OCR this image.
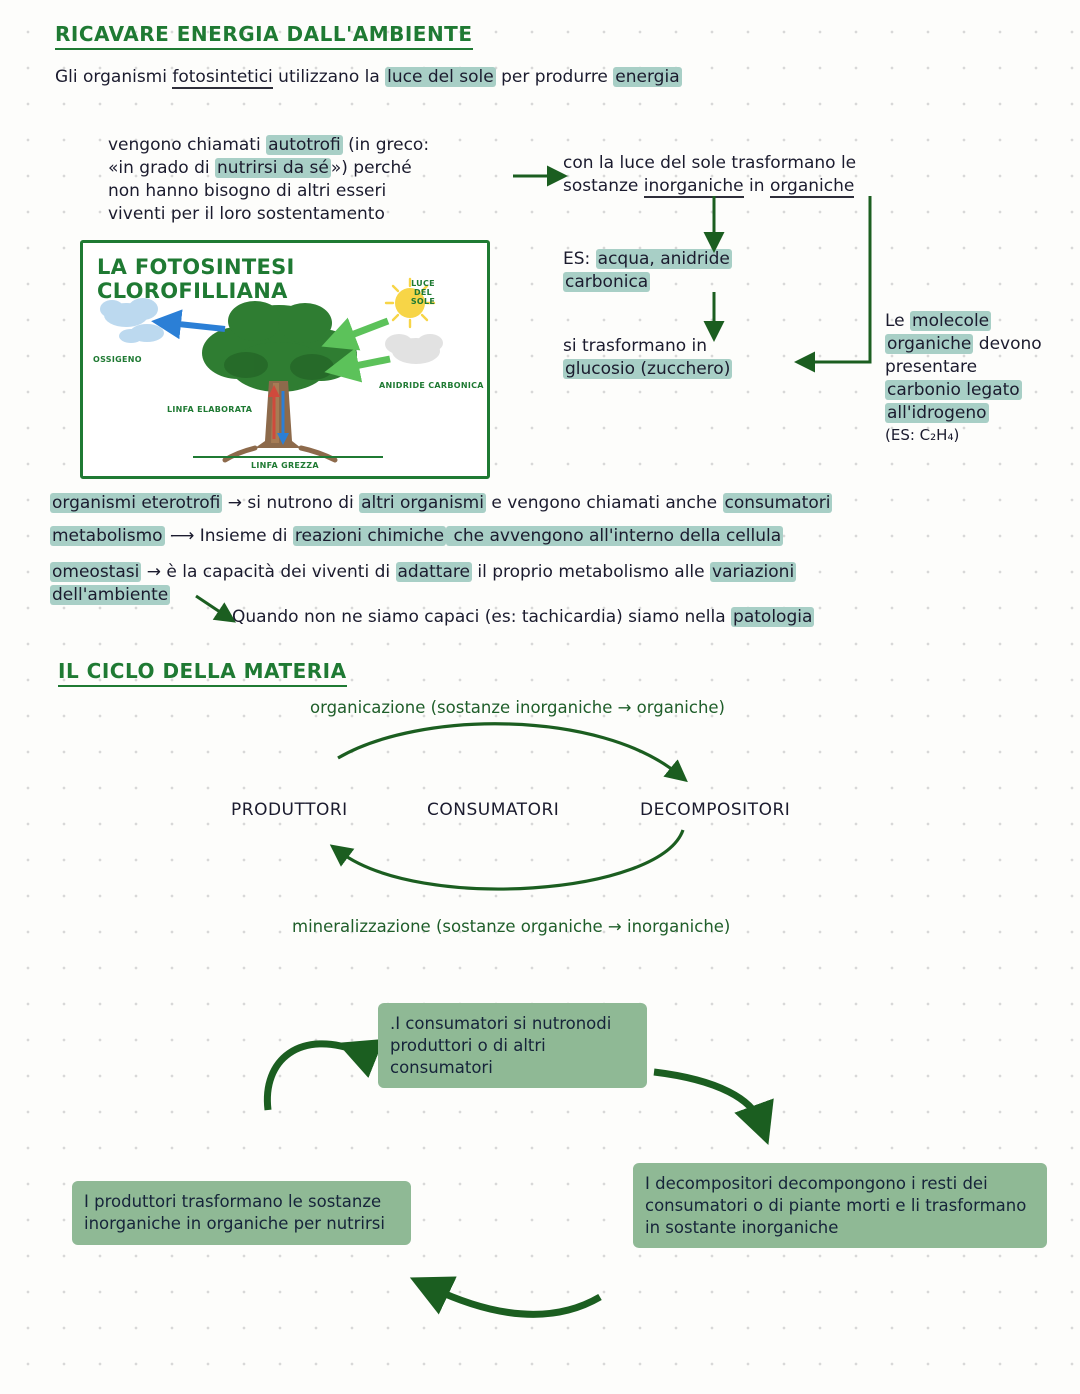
RICAVARE ENERGIA DALL'AMBIENTE
Gli organismi fotosintetici utilizzano la luce del sole per produrre energia
vengono chiamati autotrofi (in greco:
«in grado di nutrirsi da sé ») perché
non hanno bisogno di altri esseri
viventi per il loro sostentamento
LA FOTOSINTESI CLOROFILLIANA	LUCE DEL SOLE
OSSIGENO
ANIDRIDE CARBONICA
LINFA ELABORATA
LINFA GREZZA
con la luce del sole trasformano le
sostanze inorganiche in organiche
ES: acqua, anidride
carbonica
si trasformano in
glucosio (zucchero)
Le molecole
organiche devono
presentare
carbonio legato
all'idrogeno
(ES: C₂H₄)
organismi eterotrofi → si nutrono di altri organismi e vengono chiamati anche consumatori
metabolismo ⟶ Insieme di reazioni chimiche che avvengono all'interno della cellula
omeostasi → è la capacità dei viventi di adattare il proprio metabolismo alle variazioni
dell'ambiente
Quando non ne siamo capaci (es: tachicardia) siamo nella patologia
IL CICLO DELLA MATERIA
organicazione (sostanze inorganiche → organiche)
mineralizzazione (sostanze organiche → inorganiche)
PRODUTTORI	CONSUMATORI	DECOMPOSITORI
.I consumatori si nutronodi produttori o di altri consumatori
I decompositori decompongono i resti dei consumatori o di piante morti e li trasformano in sostante inorganiche
I produttori trasformano le sostanze inorganiche in organiche per nutrirsi
